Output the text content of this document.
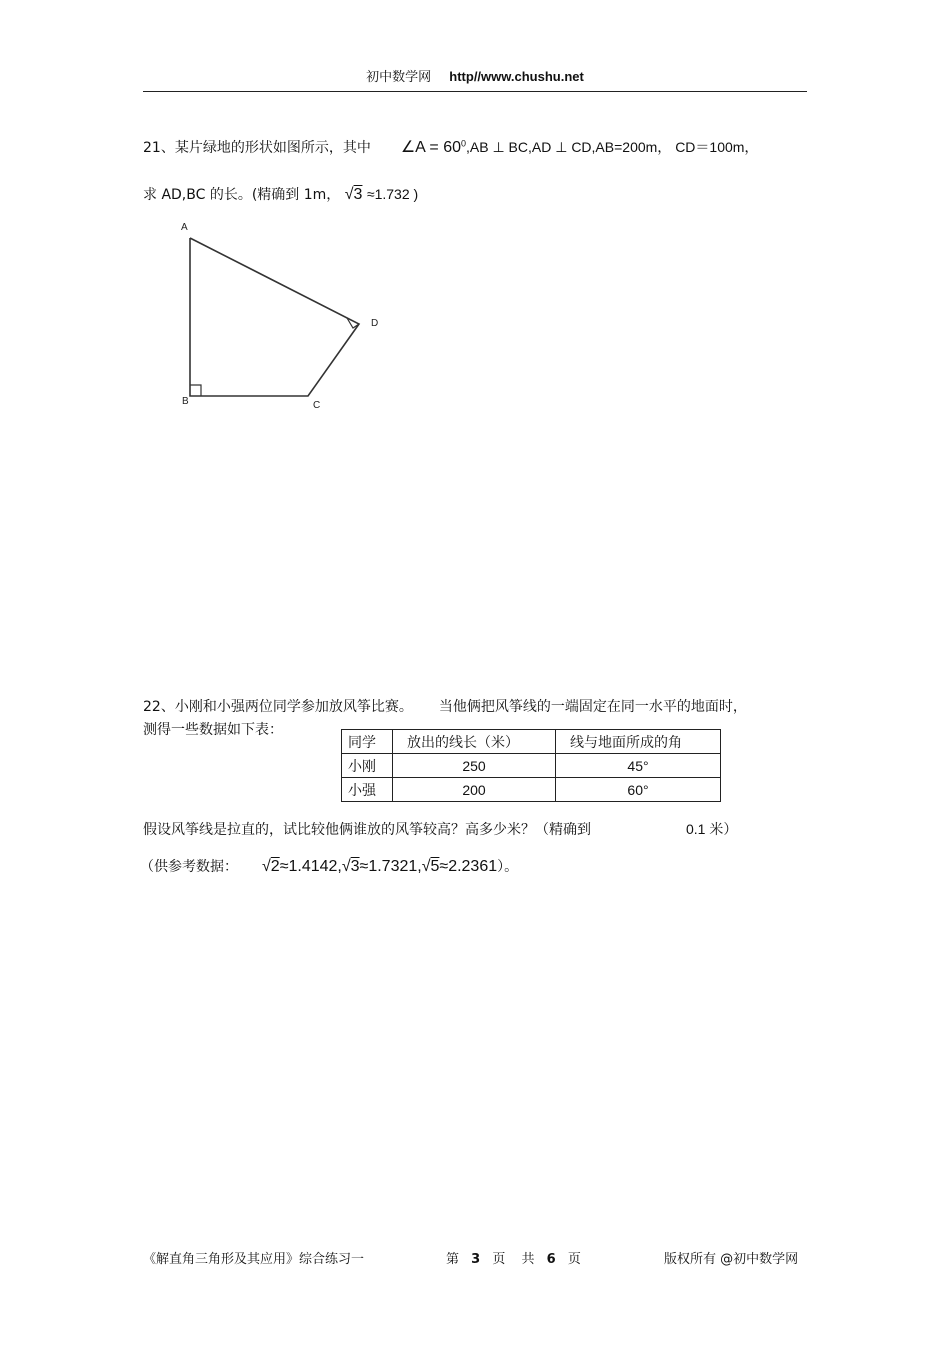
初中数学网 http//www.chushu.net
21、某片绿地的形状如图所示，其中 ∠A = $60^0,AB$ ⊥ BC,AD ⊥ CD,AB=200m， CD＝100m，
求 AD,BC 的长。(精确到 1m， √3 ≈1.732 )
A
B	C
D
22、小刚和小强两位同学参加放风筝比赛。 当他俩把风筝线的一端固定在同一水平的地面时，
测得一些数据如下表：
同学	放出的线长（米）	线与地面所成的角
小刚	250	45°
小强	200	60°
假设风筝线是拉直的，试比较他俩谁放的风筝较高？高多少米？（精确到	0.1 米）
（供参考数据： √2≈1.4142,√3≈1.7321,√5≈2.2361）。
《解直角三角形及其应用》综合练习一	第 3 页 共 6 页	版权所有 @初中数学网
